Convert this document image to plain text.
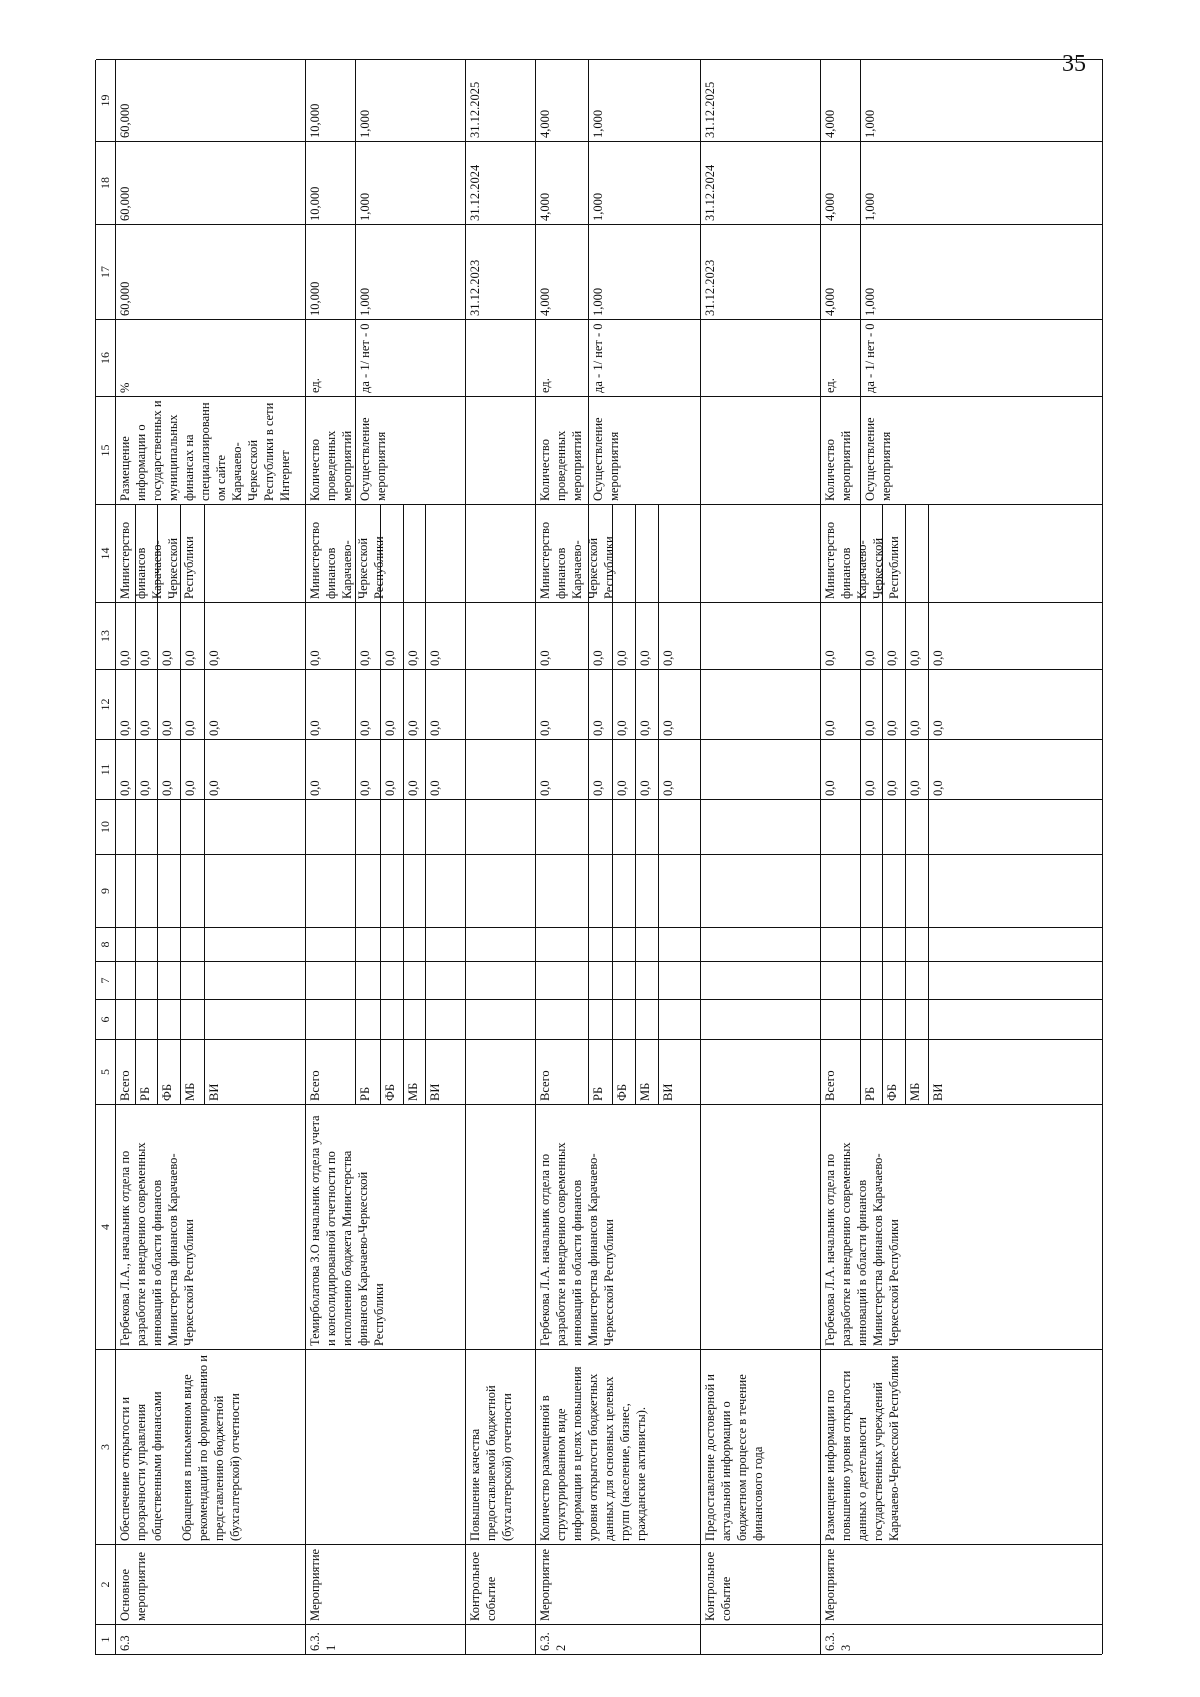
35
1
2
3
4
5
6
7
8
9
10
11
12
13
14
15
16
17
18
19
6.3
Основное мероприятие
Обеспечение открытости и прозрачности управления общественными финансами Обращения в письменном виде рекомендаций по формированию и представлению бюджетной (бухгалтерской) отчетности
Гербекова Л.А., начальник отдела по разработке и внедрению современных инноваций в области финансов Министерства финансов Карачаево-Черкесской Республики
Всего
0,0
0,0
0,0
РБ
0,0
0,0
0,0
ФБ
0,0
0,0
0,0
МБ
0,0
0,0
0,0
ВИ
0,0
0,0
0,0
Министерство финансов Карачаево-Черкесской Республики
Размещение информации о государственных и муниципальных финансах на специализированном сайте Карачаево-Черкесской Республики в сети Интернет
%
60,000
60,000
60,000
6.3.1
Мероприятие
Темирболатова З.О начальник отдела учета и консолидированной отчетности по исполнению бюджета Министерства финансов Карачаево-Черкесской Республики
Всего
0,0
0,0
0,0
РБ
0,0
0,0
0,0
ФБ
0,0
0,0
0,0
МБ
0,0
0,0
0,0
ВИ
0,0
0,0
0,0
Министерство финансов Карачаево-Черкесской Республики
Количество проведенных мероприятий
ед.
10,000
10,000
10,000
Осуществление мероприятия
да - 1/ нет - 0
1,000
1,000
1,000
Контрольное событие
Повышение качества предоставляемой бюджетной (бухгалтерской) отчетности
31.12.2023
31.12.2024
31.12.2025
6.3.2
Мероприятие
Количество размещенной в структурированном виде информации в целях повышения уровня открытости бюджетных данных для основных целевых групп (население, бизнес, гражданские активисты).
Гербекова Л.А. начальник отдела по разработке и внедрению современных инноваций в области финансов Министерства финансов Карачаево-Черкесской Республики
Всего
0,0
0,0
0,0
РБ
0,0
0,0
0,0
ФБ
0,0
0,0
0,0
МБ
0,0
0,0
0,0
ВИ
0,0
0,0
0,0
Министерство финансов Карачаево-Черкесской Республики
Количество проведенных мероприятий
ед.
4,000
4,000
4,000
Осуществление мероприятия
да - 1/ нет - 0
1,000
1,000
1,000
Контрольное событие
Предоставление достоверной и актуальной информации о бюджетном процессе в течение финансового года
31.12.2023
31.12.2024
31.12.2025
6.3.3
Мероприятие
Размещение информации по повышению уровня открытости данных о деятельности государственных учреждений Карачаево-Черкесской Республики
Гербекова Л.А. начальник отдела по разработке и внедрению современных инноваций в области финансов Министерства финансов Карачаево-Черкесской Республики
Всего
0,0
0,0
0,0
РБ
0,0
0,0
0,0
ФБ
0,0
0,0
0,0
МБ
0,0
0,0
0,0
ВИ
0,0
0,0
0,0
Министерство финансов Карачаево-Черкесской Республики
Количество мероприятий
ед.
4,000
4,000
4,000
Осуществление мероприятия
да - 1/ нет - 0
1,000
1,000
1,000
